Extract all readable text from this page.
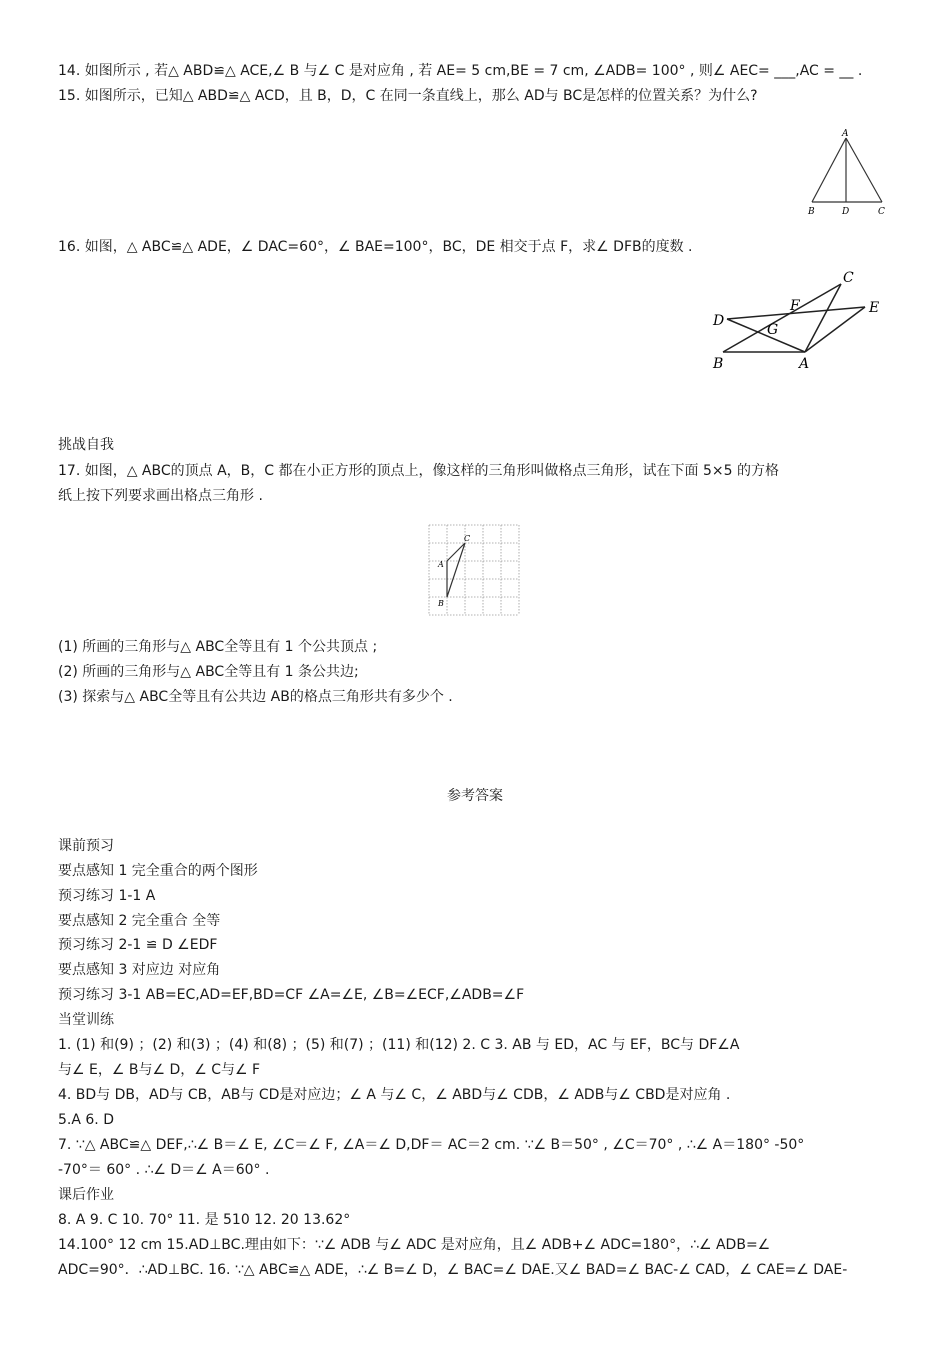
14. 如图所示 , 若△ ABD≌△ ACE,∠ B 与∠ C 是对应角 , 若 AE= 5 cm,BE = 7 cm, ∠ADB= 100° , 则∠ AEC= ___,AC = __ .
15. 如图所示，已知△ ABD≌△ ACD，且 B，D，C 在同一条直线上，那么 AD与 BC是怎样的位置关系？为什么?
A
B	D	C
16. 如图，△ ABC≌△ ADE，∠ DAC=60°，∠ BAE=100°，BC，DE 相交于点 F，求∠ DFB的度数 .
C
F	E
D
G
B	A
挑战自我
17. 如图，△ ABC的顶点 A，B，C 都在小正方形的顶点上，像这样的三角形叫做格点三角形，试在下面 5×5 的方格
纸上按下列要求画出格点三角形 .
C
A
B
(1) 所画的三角形与△ ABC全等且有 1 个公共顶点 ;
(2) 所画的三角形与△ ABC全等且有 1 条公共边;
(3) 探索与△ ABC全等且有公共边 AB的格点三角形共有多少个 .
参考答案
课前预习
要点感知 1 完全重合的两个图形
预习练习 1-1 A
要点感知 2 完全重合 全等
预习练习 2-1 ≌ D ∠EDF
要点感知 3 对应边 对应角
预习练习 3-1 AB=EC,AD=EF,BD=CF ∠A=∠E, ∠B=∠ECF,∠ADB=∠F
当堂训练
1. (1) 和(9) ；(2) 和(3) ；(4) 和(8) ；(5) 和(7) ；(11) 和(12) 2. C 3. AB 与 ED，AC 与 EF，BC与 DF∠A
与∠ E，∠ B与∠ D，∠ C与∠ F
4. BD与 DB，AD与 CB，AB与 CD是对应边；∠ A 与∠ C，∠ ABD与∠ CDB，∠ ADB与∠ CBD是对应角 .
5.A 6. D
7. ∵△ ABC≌△ DEF,∴∠ B＝∠ E, ∠C＝∠ F, ∠A＝∠ D,DF＝ AC＝2 cm. ∵∠ B＝50° , ∠C＝70° , ∴∠ A＝180° -50°
-70°＝ 60° . ∴∠ D＝∠ A＝60° .
课后作业
8. A 9. C 10. 70° 11. 是 510 12. 20 13.62°
14.100° 12 cm 15.AD⊥BC.理由如下：∵∠ ADB 与∠ ADC 是对应角，且∠ ADB+∠ ADC=180°，∴∠ ADB=∠
ADC=90°．∴AD⊥BC. 16. ∵△ ABC≌△ ADE，∴∠ B=∠ D，∠ BAC=∠ DAE.又∠ BAD=∠ BAC-∠ CAD，∠ CAE=∠ DAE-
